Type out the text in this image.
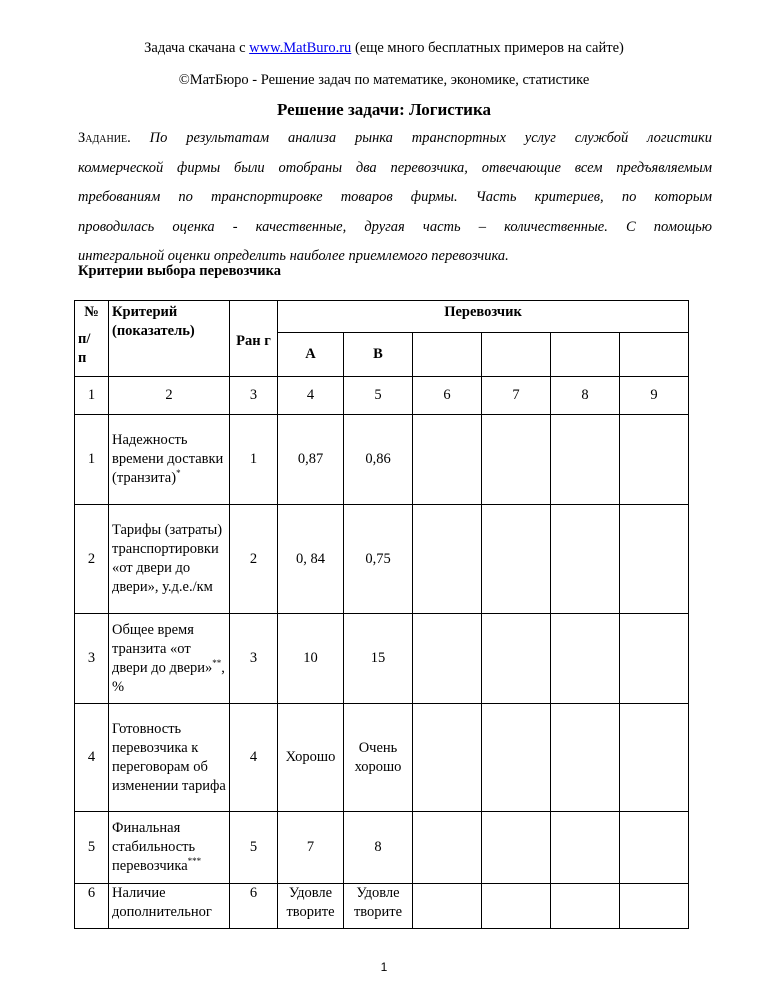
Задача скачана с www.MatBuro.ru (еще много бесплатных примеров на сайте)
©МатБюро - Решение задач по математике, экономике, статистике
Решение задачи: Логистика
Задание. По результатам анализа рынка транспортных услуг службой логистики
коммерческой фирмы были отобраны два перевозчика, отвечающие всем предъявляемым
требованиям по транспортировке товаров фирмы. Часть критериев, по которым
проводилась оценка - качественные, другая часть – количественные. С помощью
интегральной оценки определить наиболее приемлемого перевозчика.
Критерии выбора перевозчика
№
п/ п	Критерий (показатель)	Ран г	Перевозчик					
			А	В				
1	2	3	4	5	6	7	8	9
1	Надежность времени доставки (транзита)*	1	0,87	0,86				
2	Тарифы (затраты) транспортировки «от двери до двери», у.д.е./км	2	0, 84	0,75				
3	Общее время транзита «от двери до двери»**, %	3	10	15				
4	Готовность перевозчика к переговорам об изменении тарифа	4	Хорошо	Очень хорошо				
5	Финальная стабильность перевозчика***	5	7	8				
6	Наличие дополнительног	6	Удовле творите	Удовле творите				
1
